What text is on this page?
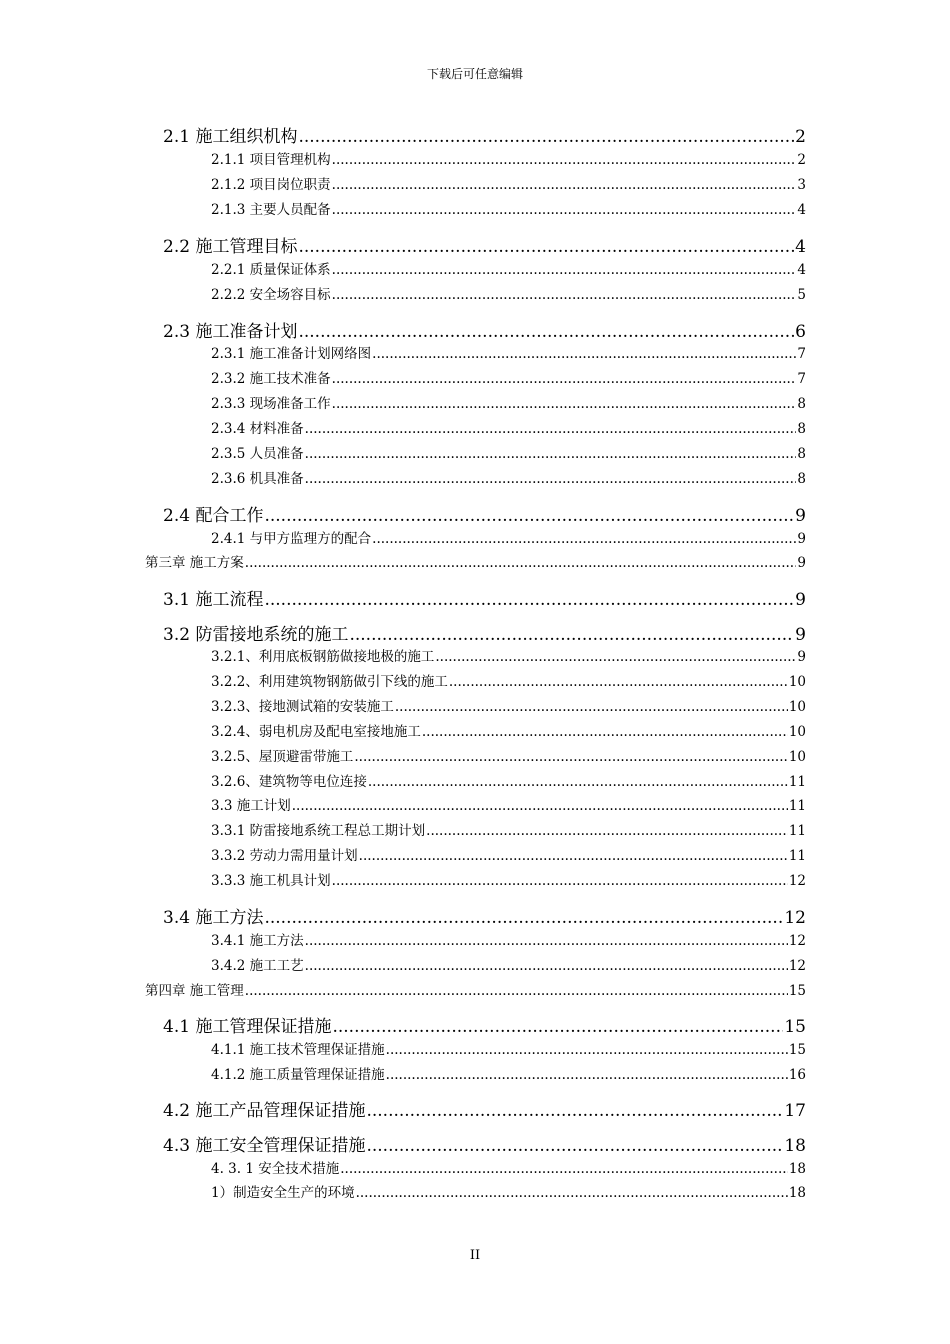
下载后可任意编辑
2.1 施工组织机构 .....	2
2.1.1 项目管理机构 .....	2
2.1.2 项目岗位职责 .....	3
2.1.3 主要人员配备 .....	4
2.2 施工管理目标 .....	4
2.2.1 质量保证体系 .....	4
2.2.2 安全场容目标 .....	5
2.3 施工准备计划 .....	6
2.3.1 施工准备计划网络图 .....	7
2.3.2 施工技术准备 .....	7
2.3.3 现场准备工作 .....	8
2.3.4 材料准备 .....	8
2.3.5 人员准备 .....	8
2.3.6 机具准备 .....	8
2.4 配合工作 .....	9
2.4.1 与甲方监理方的配合 .....	9
第三章 施工方案 .....	9
3.1 施工流程 .....	9
3.2 防雷接地系统的施工 .....	9
3.2.1、利用底板钢筋做接地极的施工 .....	9
3.2.2、利用建筑物钢筋做引下线的施工 .....	10
3.2.3、接地测试箱的安装施工 .....	10
3.2.4、弱电机房及配电室接地施工 .....	10
3.2.5、屋顶避雷带施工 .....	10
3.2.6、建筑物等电位连接 .....	11
3.3 施工计划 .....	11
3.3.1 防雷接地系统工程总工期计划 .....	11
3.3.2 劳动力需用量计划 .....	11
3.3.3 施工机具计划 .....	12
3.4 施工方法 .....	12
3.4.1 施工方法 .....	12
3.4.2 施工工艺 .....	12
第四章 施工管理 .....	15
4.1 施工管理保证措施 .....	15
4.1.1 施工技术管理保证措施 .....	15
4.1.2 施工质量管理保证措施 .....	16
4.2 施工产品管理保证措施 .....	17
4.3 施工安全管理保证措施 .....	18
4. 3. 1 安全技术措施 .....	18
1）制造安全生产的环境 .....	18
II
